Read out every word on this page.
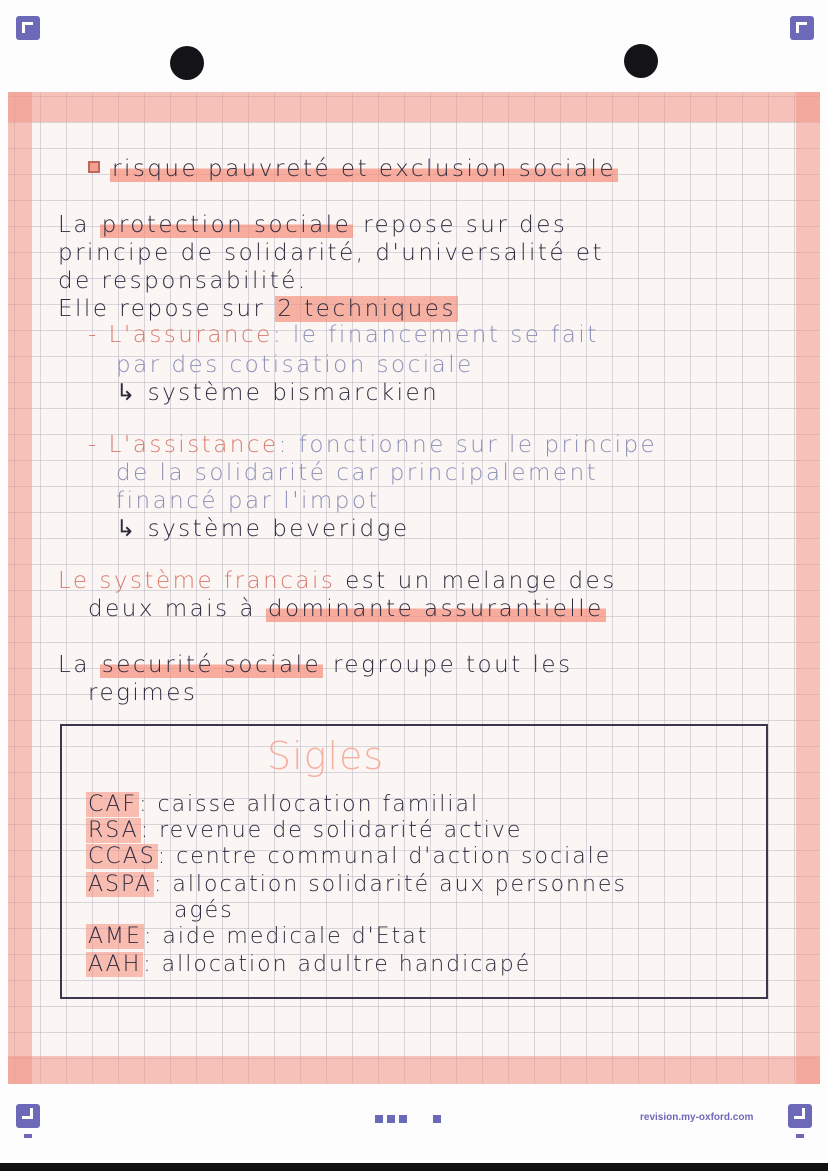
risque pauvreté et exclusion sociale

La protection sociale repose sur des

principe de solidarité, d'universalité et

de responsabilité.

Elle repose sur 2 techniques

- L'assurance: le financement se fait

par des cotisation sociale

↳ système bismarckien

- L'assistance: fonctionne sur le principe

de la solidarité car principalement

financé par l'impot

↳ système beveridge

Le système francais est un melange des

deux mais à dominante assurantielle

La securité sociale regroupe tout les

regimes

Sigles

CAF: caisse allocation familial

RSA: revenue de solidarité active

CCAS: centre communal d'action sociale

ASPA: allocation solidarité aux personnes

agés

AME: aide medicale d'Etat

AAH: allocation adultre handicapé

revision.my-oxford.com
